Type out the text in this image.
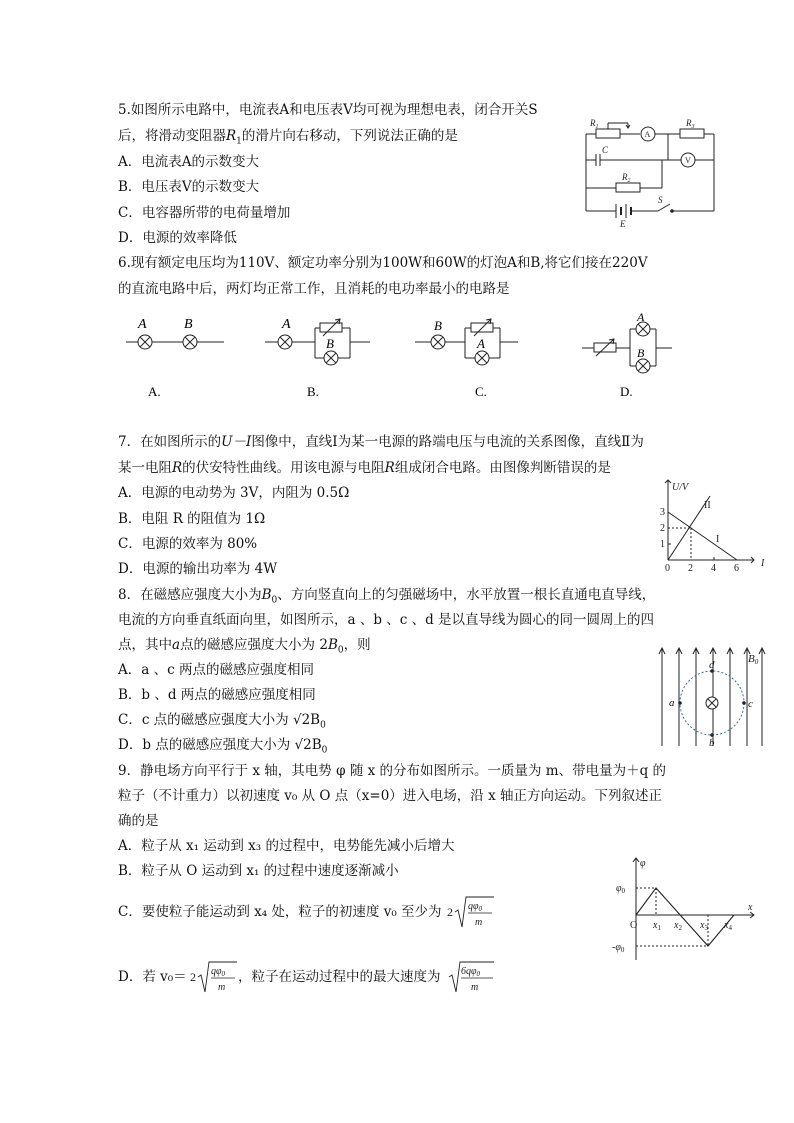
5.如图所示电路中，电流表A和电压表V均可视为理想电表，闭合开关S
后，将滑动变阻器$R_1$的滑片向右移动，下列说法正确的是
A．电流表A的示数变大
B．电压表V的示数变大
C．电容器所带的电荷量增加
D．电源的效率降低
$R_1$
A
$R_3$
C
V
$R_2$
E
S
6.现有额定电压均为110V、额定功率分别为100W和60W的灯泡A和B,将它们接在220V
的直流电路中后，两灯均正常工作，且消耗的电功率最小的电路是
A	B
A.
A
B
B.
B
A
C.
A
B
D.
7．在如图所示的U－I图像中，直线Ⅰ为某一电源的路端电压与电流的关系图像，直线Ⅱ为
某一电阻R的伏安特性曲线。用该电源与电阻R组成闭合电路。由图像判断错误的是
A．电源的电动势为 3V，内阻为 0.5Ω
B．电阻 R 的阻值为 1Ω
C．电源的效率为 80%
D．电源的输出功率为 4W
U/V
I
1
2
3
0 2 4 6
I
II
8．在磁感应强度大小为$B_0$、方向竖直向上的匀强磁场中，水平放置一根长直通电直导线，
电流的方向垂直纸面向里，如图所示，a 、b 、c 、d 是以直导线为圆心的同一圆周上的四
点，其中a点的磁感应强度大小为 $2B_0$，则
A．a 、c 两点的磁感应强度相同
B．b 、d 两点的磁感应强度相同
C．c 点的磁感应强度大小为 $√2B_0$
D．b 点的磁感应强度大小为 $√2B_0$
a	c
d
b
B0
9．静电场方向平行于 x 轴，其电势 φ 随 x 的分布如图所示。一质量为 m、带电量为＋q 的
粒子（不计重力）以初速度 v₀ 从 O 点（x=0）进入电场，沿 x 轴正方向运动。下列叙述正
确的是
A．粒子从 x₁ 运动到 x₃ 的过程中，电势能先减小后增大
B．粒子从 O 运动到 x₁ 的过程中速度逐渐减小
C．要使粒子能运动到 x₄ 处，粒子的初速度 v₀ 至少为 2 $q\varphi_0$
m
D．若 v₀＝ 2 $q\varphi_0$
m
，粒子在运动过程中的最大速度为 $6q\varphi_0$
m
φ
$\varphi_0$
$-\varphi_0$
x
O $x_1$ $x_2$ $x_3$ $x_4$
